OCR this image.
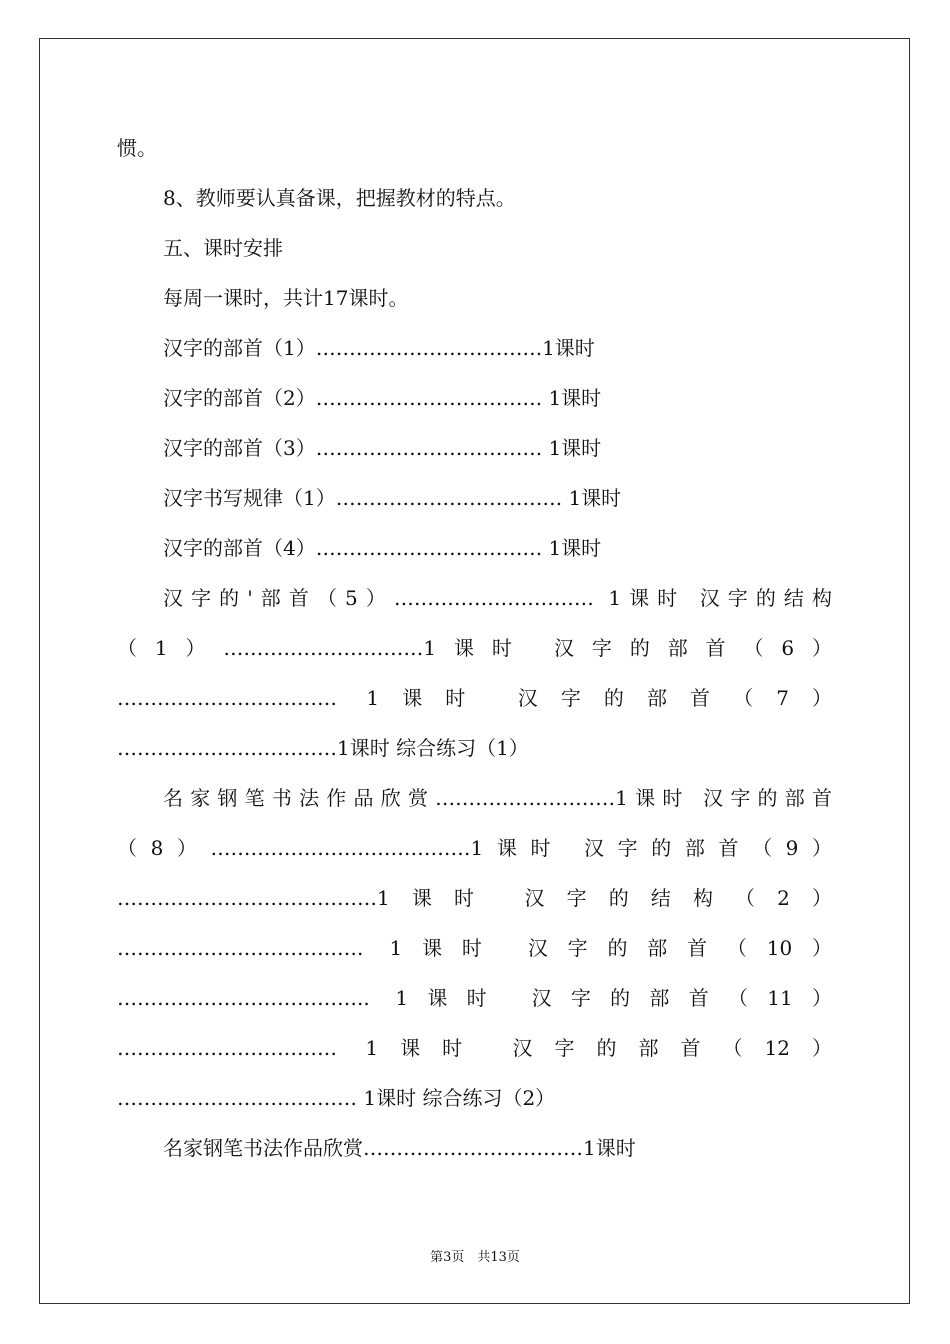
惯。
8、教师要认真备课，把握教材的特点。
五、课时安排
每周一课时，共计17课时。
汉字的部首（1）…………………………….1课时
汉字的部首（2）……………………………. 1课时
汉字的部首（3）……………………………. 1课时
汉字书写规律（1）……………………………. 1课时
汉字的部首（4）……………………………. 1课时
汉字的'部首（5）………………………… 1课时 汉字的结构
（1）…………………………1课时 汉字的部首（6）
…………………………… 1课时 汉字的部首（7）
……………………………1课时 综合练习（1）
名家钢笔书法作品欣赏………………………1课时 汉字的部首
（8）…………………………………1课时 汉字的部首（9）
…………………………………1课时 汉字的结构（2）
………………………………. 1课时 汉字的部首（10）
……………………………….. 1课时 汉字的部首（11）
…………………………… 1课时 汉字的部首（12）
……………………………… 1课时 综合练习（2）
名家钢笔书法作品欣赏……………………………1课时
第3页　共13页
